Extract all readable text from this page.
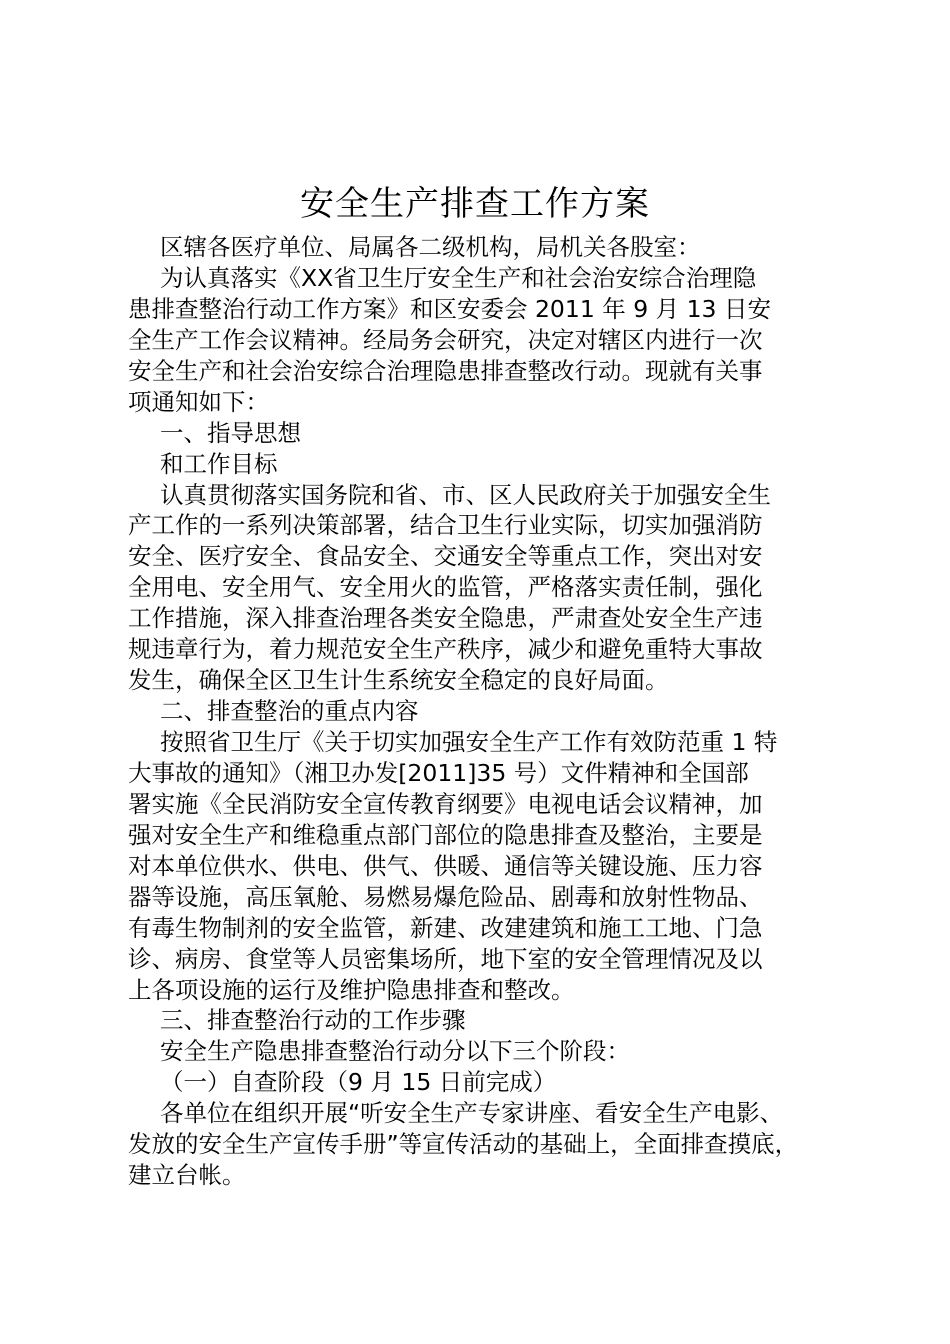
安全生产排查工作方案
区辖各医疗单位、局属各二级机构，局机关各股室：
为认真落实《XX省卫生厅安全生产和社会治安综合治理隐
患排查整治行动工作方案》和区安委会 2011 年 9 月 13 日安
全生产工作会议精神。经局务会研究，决定对辖区内进行一次
安全生产和社会治安综合治理隐患排查整改行动。现就有关事
项通知如下：
一、指导思想
和工作目标
认真贯彻落实国务院和省、市、区人民政府关于加强安全生
产工作的一系列决策部署，结合卫生行业实际，切实加强消防
安全、医疗安全、食品安全、交通安全等重点工作，突出对安
全用电、安全用气、安全用火的监管，严格落实责任制，强化
工作措施，深入排查治理各类安全隐患，严肃查处安全生产违
规违章行为，着力规范安全生产秩序，减少和避免重特大事故
发生，确保全区卫生计生系统安全稳定的良好局面。
二、排查整治的重点内容
按照省卫生厅《关于切实加强安全生产工作有效防范重 1 特
大事故的通知》（湘卫办发[2011]35 号）文件精神和全国部
署实施《全民消防安全宣传教育纲要》电视电话会议精神，加
强对安全生产和维稳重点部门部位的隐患排查及整治，主要是
对本单位供水、供电、供气、供暖、通信等关键设施、压力容
器等设施，高压氧舱、易燃易爆危险品、剧毒和放射性物品、
有毒生物制剂的安全监管，新建、改建建筑和施工工地、门急
诊、病房、食堂等人员密集场所，地下室的安全管理情况及以
上各项设施的运行及维护隐患排查和整改。
三、排查整治行动的工作步骤
安全生产隐患排查整治行动分以下三个阶段：
（一）自查阶段（9 月 15 日前完成）
各单位在组织开展“听安全生产专家讲座、看安全生产电影、
发放的安全生产宣传手册”等宣传活动的基础上，全面排查摸底，
建立台帐。
